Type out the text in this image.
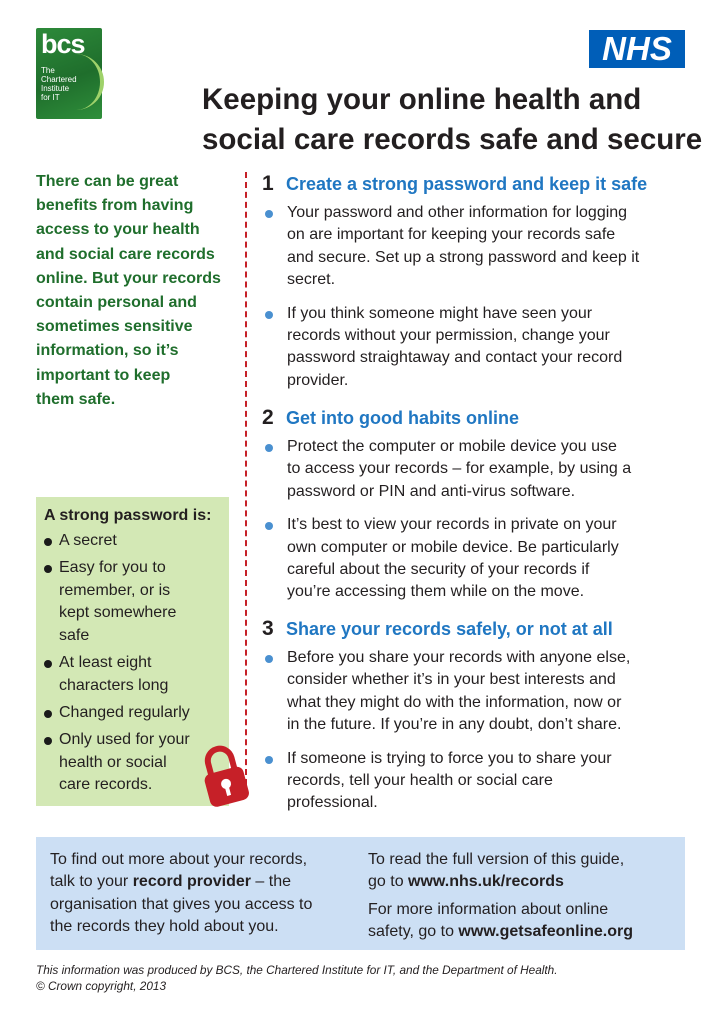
bcs
The
Chartered
Institute
for IT
NHS
Keeping your online health and
social care records safe and secure
There can be great
benefits from having
access to your health
and social care records
online. But your records
contain personal and
sometimes sensitive
information, so it’s
important to keep
them safe.
A strong password is:
A secret
Easy for you to
remember, or is
kept somewhere
safe
At least eight
characters long
Changed regularly
Only used for your
health or social
care records.
1 Create a strong password and keep it safe
Your password and other information for logging
on are important for keeping your records safe
and secure. Set up a strong password and keep it
secret.
If you think someone might have seen your
records without your permission, change your
password straightaway and contact your record
provider.
2 Get into good habits online
Protect the computer or mobile device you use
to access your records – for example, by using a
password or PIN and anti-virus software.
It’s best to view your records in private on your
own computer or mobile device. Be particularly
careful about the security of your records if
you’re accessing them while on the move.
3 Share your records safely, or not at all
Before you share your records with anyone else,
consider whether it’s in your best interests and
what they might do with the information, now or
in the future. If you’re in any doubt, don’t share.
If someone is trying to force you to share your
records, tell your health or social care
professional.
To find out more about your records,
talk to your record provider – the
organisation that gives you access to
the records they hold about you.
To read the full version of this guide,
go to www.nhs.uk/records
For more information about online
safety, go to www.getsafeonline.org
This information was produced by BCS, the Chartered Institute for IT, and the Department of Health.
© Crown copyright, 2013
